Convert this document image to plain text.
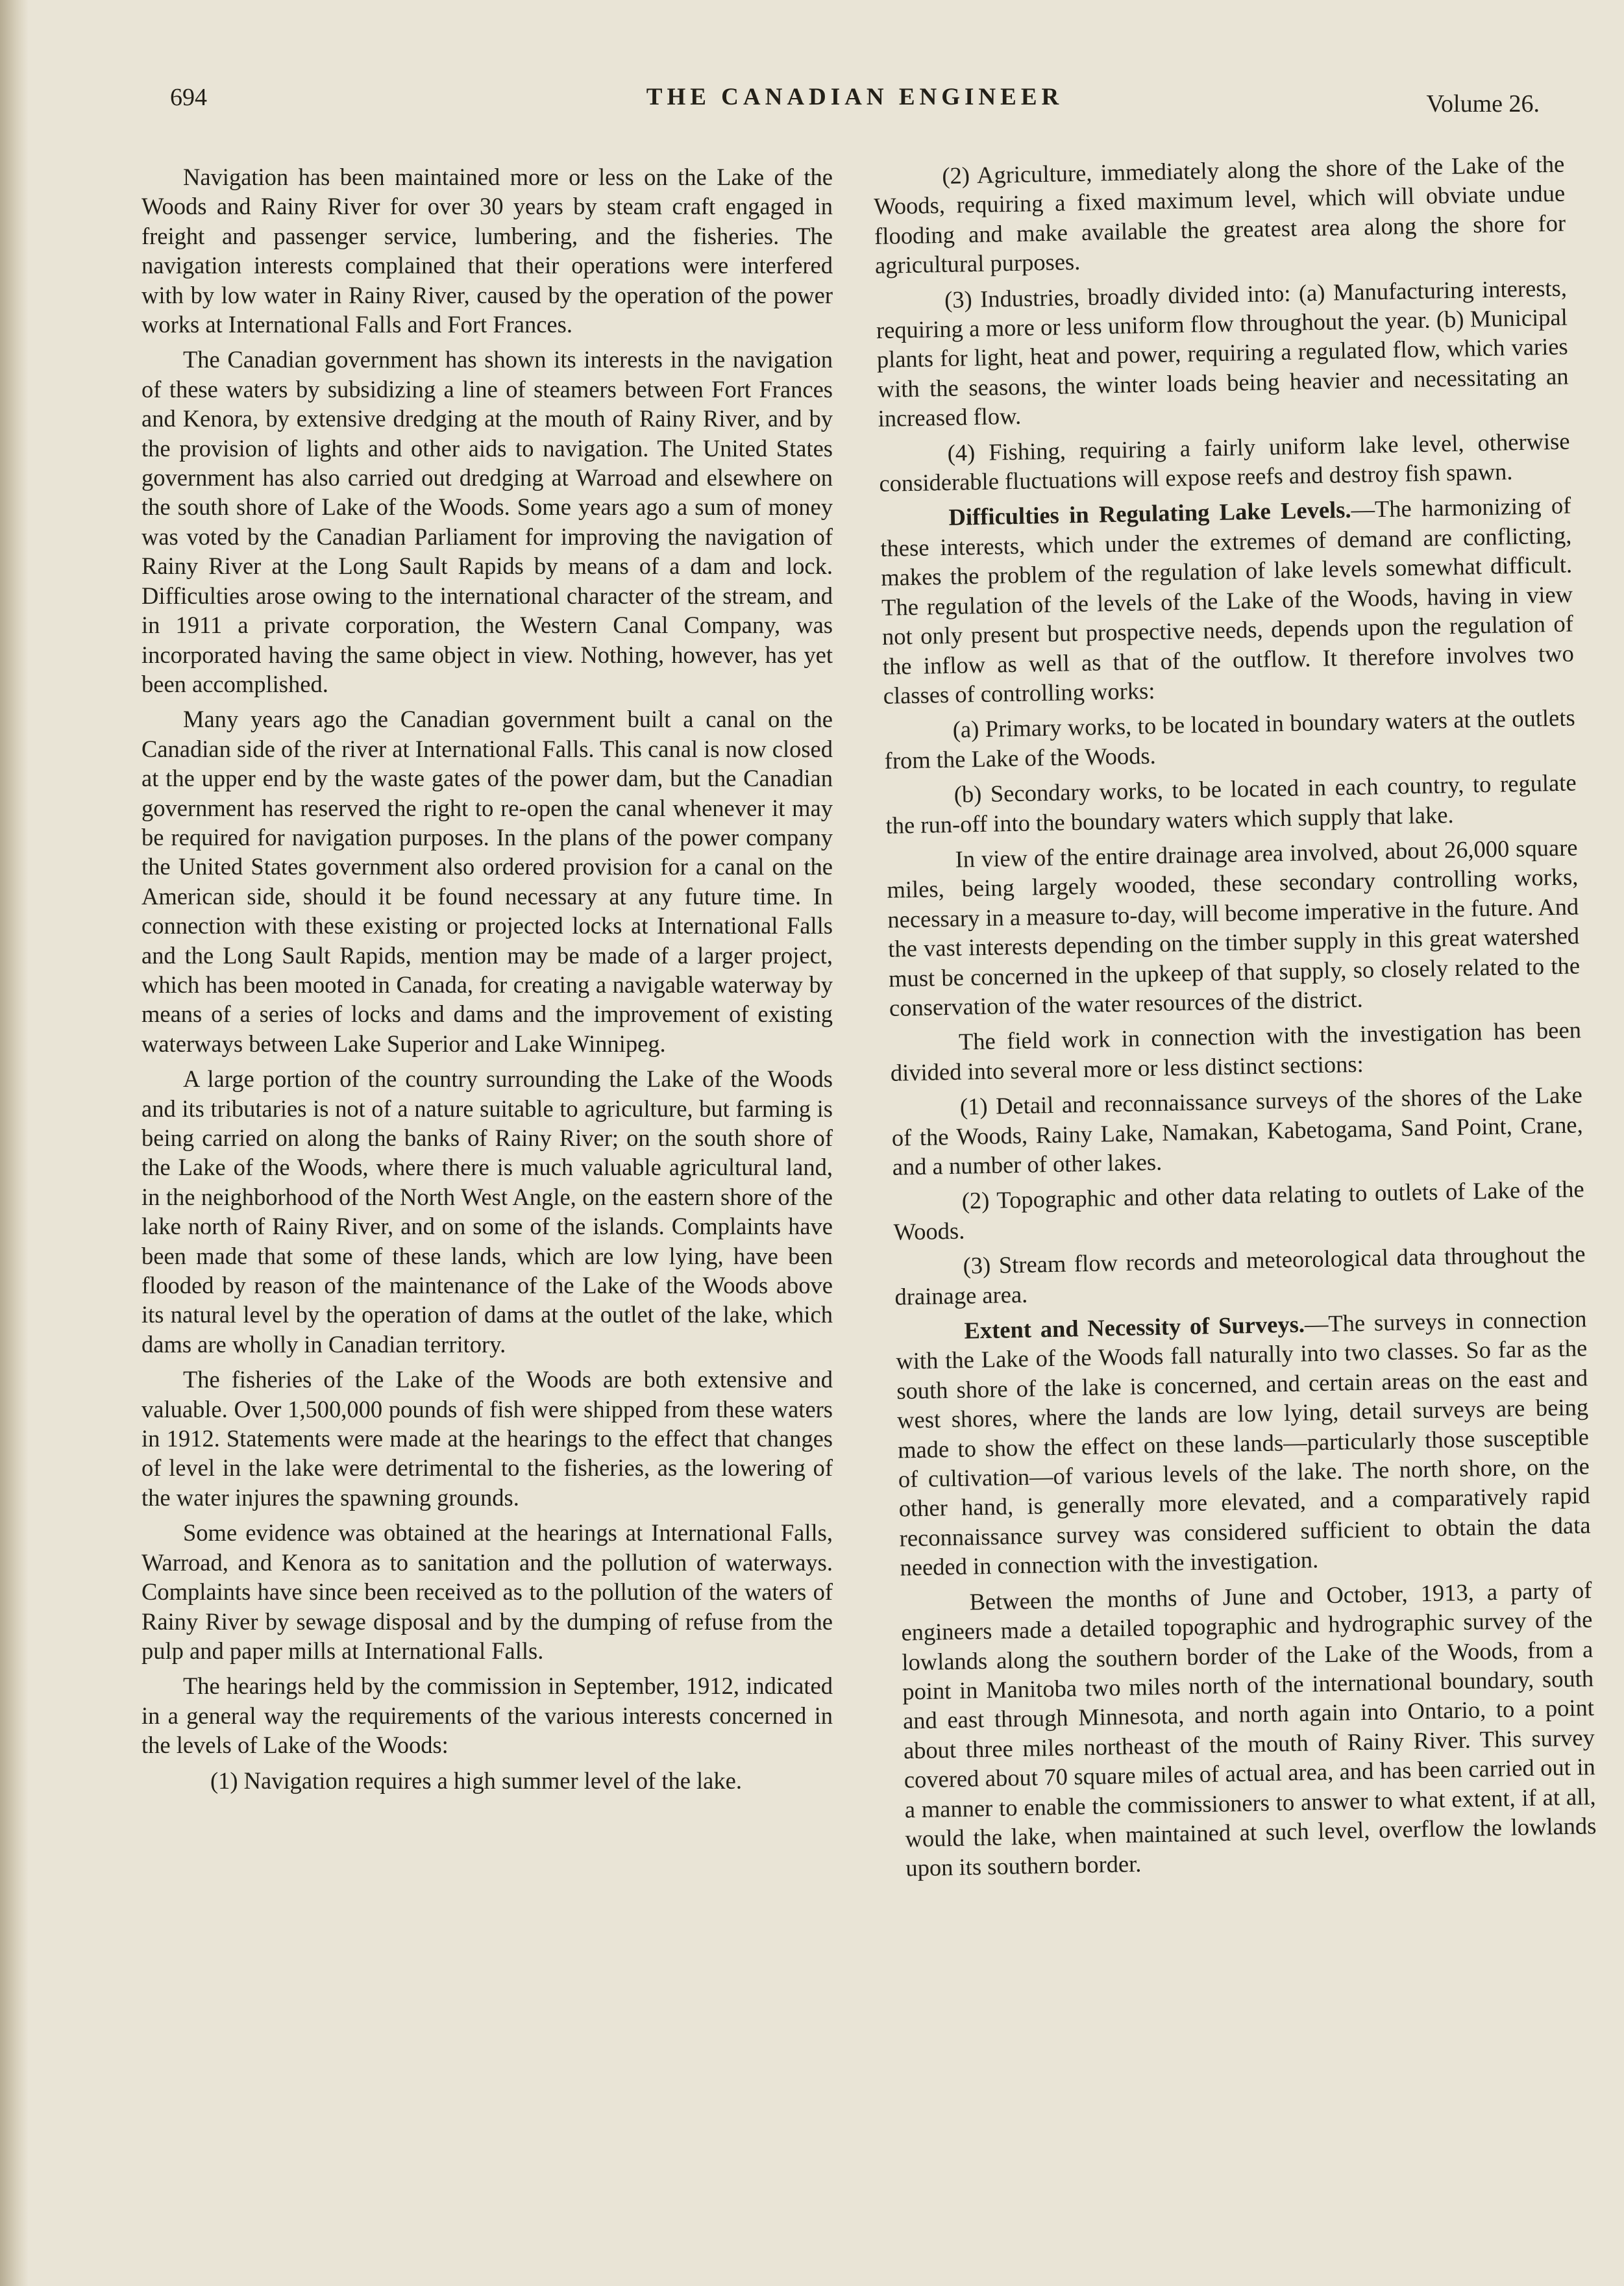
694	THE CANADIAN ENGINEER	Volume 26.

Navigation has been maintained more or less on the Lake of the Woods and Rainy River for over 30 years by steam craft engaged in freight and passenger service, lumbering, and the fisheries. The navigation interests complained that their operations were interfered with by low water in Rainy River, caused by the operation of the power works at International Falls and Fort Frances.

The Canadian government has shown its interests in the navigation of these waters by subsidizing a line of steamers between Fort Frances and Kenora, by extensive dredging at the mouth of Rainy River, and by the provision of lights and other aids to navigation. The United States government has also carried out dredging at Warroad and elsewhere on the south shore of Lake of the Woods. Some years ago a sum of money was voted by the Canadian Parliament for improving the navigation of Rainy River at the Long Sault Rapids by means of a dam and lock. Difficulties arose owing to the international character of the stream, and in 1911 a private corporation, the Western Canal Company, was incorporated having the same object in view. Nothing, however, has yet been accomplished.

Many years ago the Canadian government built a canal on the Canadian side of the river at International Falls. This canal is now closed at the upper end by the waste gates of the power dam, but the Canadian government has reserved the right to re-open the canal whenever it may be required for navigation purposes. In the plans of the power company the United States government also ordered provision for a canal on the American side, should it be found necessary at any future time. In connection with these existing or projected locks at International Falls and the Long Sault Rapids, mention may be made of a larger project, which has been mooted in Canada, for creating a navigable waterway by means of a series of locks and dams and the improvement of existing waterways between Lake Superior and Lake Winnipeg.

A large portion of the country surrounding the Lake of the Woods and its tributaries is not of a nature suitable to agriculture, but farming is being carried on along the banks of Rainy River; on the south shore of the Lake of the Woods, where there is much valuable agricultural land, in the neighborhood of the North West Angle, on the eastern shore of the lake north of Rainy River, and on some of the islands. Complaints have been made that some of these lands, which are low lying, have been flooded by reason of the maintenance of the Lake of the Woods above its natural level by the operation of dams at the outlet of the lake, which dams are wholly in Canadian territory.

The fisheries of the Lake of the Woods are both extensive and valuable. Over 1,500,000 pounds of fish were shipped from these waters in 1912. Statements were made at the hearings to the effect that changes of level in the lake were detrimental to the fisheries, as the lowering of the water injures the spawning grounds.

Some evidence was obtained at the hearings at International Falls, Warroad, and Kenora as to sanitation and the pollution of waterways. Complaints have since been received as to the pollution of the waters of Rainy River by sewage disposal and by the dumping of refuse from the pulp and paper mills at International Falls.

The hearings held by the commission in September, 1912, indicated in a general way the requirements of the various interests concerned in the levels of Lake of the Woods:

(1) Navigation requires a high summer level of the lake.

(2) Agriculture, immediately along the shore of the Lake of the Woods, requiring a fixed maximum level, which will obviate undue flooding and make available the greatest area along the shore for agricultural purposes.

(3) Industries, broadly divided into: (a) Manufacturing interests, requiring a more or less uniform flow throughout the year. (b) Municipal plants for light, heat and power, requiring a regulated flow, which varies with the seasons, the winter loads being heavier and necessitating an increased flow.

(4) Fishing, requiring a fairly uniform lake level, otherwise considerable fluctuations will expose reefs and destroy fish spawn.

Difficulties in Regulating Lake Levels.—The harmonizing of these interests, which under the extremes of demand are conflicting, makes the problem of the regulation of lake levels somewhat difficult. The regulation of the levels of the Lake of the Woods, having in view not only present but prospective needs, depends upon the regulation of the inflow as well as that of the outflow. It therefore involves two classes of controlling works:

(a) Primary works, to be located in boundary waters at the outlets from the Lake of the Woods.

(b) Secondary works, to be located in each country, to regulate the run-off into the boundary waters which supply that lake.

In view of the entire drainage area involved, about 26,000 square miles, being largely wooded, these secondary controlling works, necessary in a measure to-day, will become imperative in the future. And the vast interests depending on the timber supply in this great watershed must be concerned in the upkeep of that supply, so closely related to the conservation of the water resources of the district.

The field work in connection with the investigation has been divided into several more or less distinct sections:

(1) Detail and reconnaissance surveys of the shores of the Lake of the Woods, Rainy Lake, Namakan, Kabetogama, Sand Point, Crane, and a number of other lakes.

(2) Topographic and other data relating to outlets of Lake of the Woods.

(3) Stream flow records and meteorological data throughout the drainage area.

Extent and Necessity of Surveys.—The surveys in connection with the Lake of the Woods fall naturally into two classes. So far as the south shore of the lake is concerned, and certain areas on the east and west shores, where the lands are low lying, detail surveys are being made to show the effect on these lands—particularly those susceptible of cultivation—of various levels of the lake. The north shore, on the other hand, is generally more elevated, and a comparatively rapid reconnaissance survey was considered sufficient to obtain the data needed in connection with the investigation.

Between the months of June and October, 1913, a party of engineers made a detailed topographic and hydrographic survey of the lowlands along the southern border of the Lake of the Woods, from a point in Manitoba two miles north of the international boundary, south and east through Minnesota, and north again into Ontario, to a point about three miles northeast of the mouth of Rainy River. This survey covered about 70 square miles of actual area, and has been carried out in a manner to enable the commissioners to answer to what extent, if at all, would the lake, when maintained at such level, overflow the lowlands upon its southern border.
